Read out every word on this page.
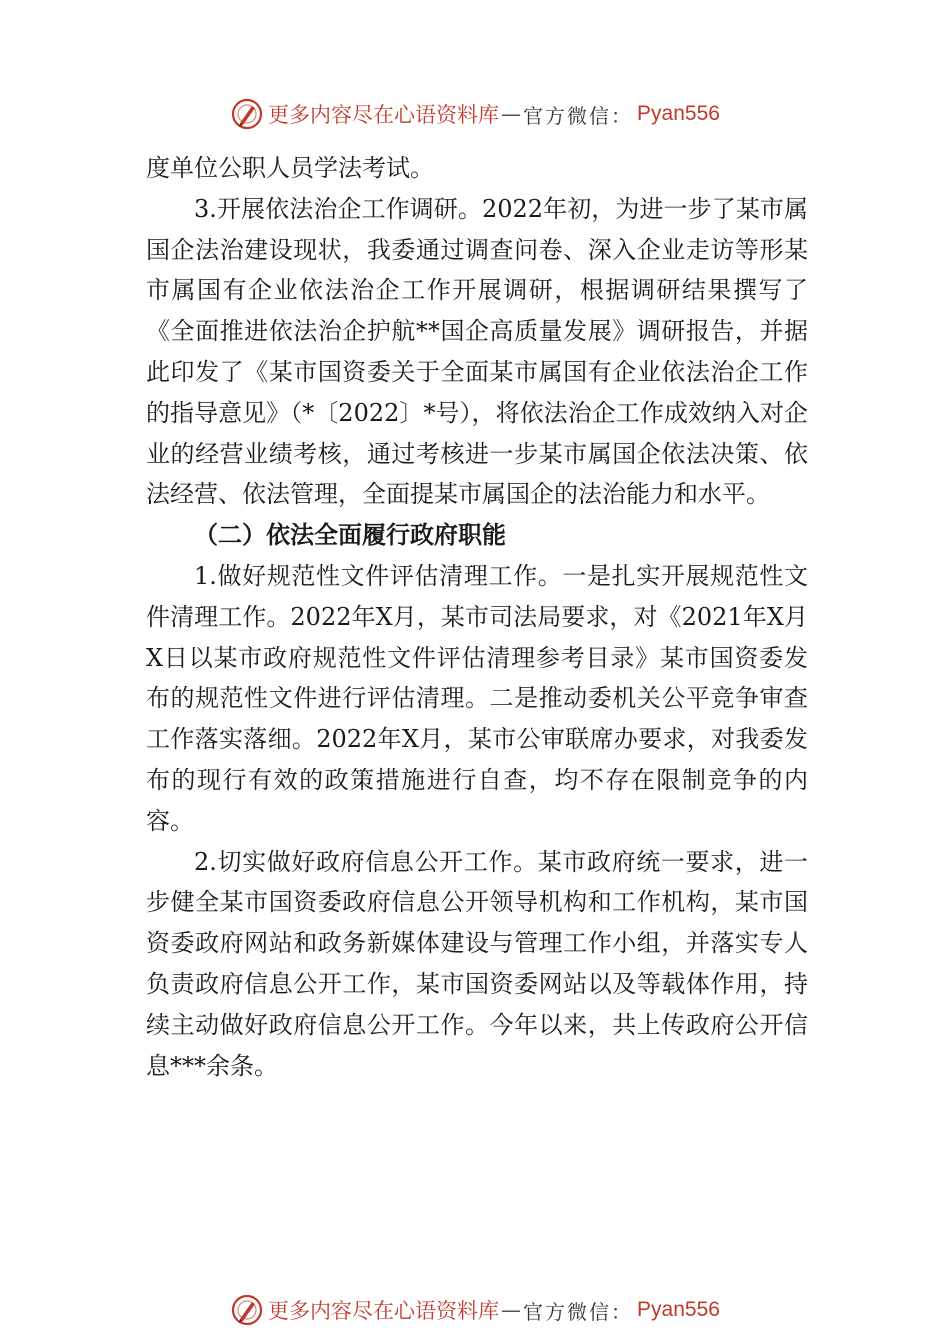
更多内容尽在心语资料库 — 官方微信： Pyan556

度单位公职人员学法考试。

3.开展依法治企工作调研。2022年初，为进一步了某市属国企法治建设现状，我委通过调查问卷、深入企业走访等形某市属国有企业依法治企工作开展调研，根据调研结果撰写了《全面推进依法治企护航**国企高质量发展》调研报告，并据此印发了《某市国资委关于全面某市属国有企业依法治企工作的指导意见》（*〔2022〕*号），将依法治企工作成效纳入对企业的经营业绩考核，通过考核进一步某市属国企依法决策、依法经营、依法管理，全面提某市属国企的法治能力和水平。

（二）依法全面履行政府职能

1.做好规范性文件评估清理工作。一是扎实开展规范性文件清理工作。2022年X月，某市司法局要求，对《2021年X月X日以某市政府规范性文件评估清理参考目录》某市国资委发布的规范性文件进行评估清理。二是推动委机关公平竞争审查工作落实落细。2022年X月，某市公审联席办要求，对我委发布的现行有效的政策措施进行自查，均不存在限制竞争的内容。

2.切实做好政府信息公开工作。某市政府统一要求，进一步健全某市国资委政府信息公开领导机构和工作机构，某市国资委政府网站和政务新媒体建设与管理工作小组，并落实专人负责政府信息公开工作，某市国资委网站以及等载体作用，持续主动做好政府信息公开工作。今年以来，共上传政府公开信息***余条。

更多内容尽在心语资料库 — 官方微信： Pyan556
